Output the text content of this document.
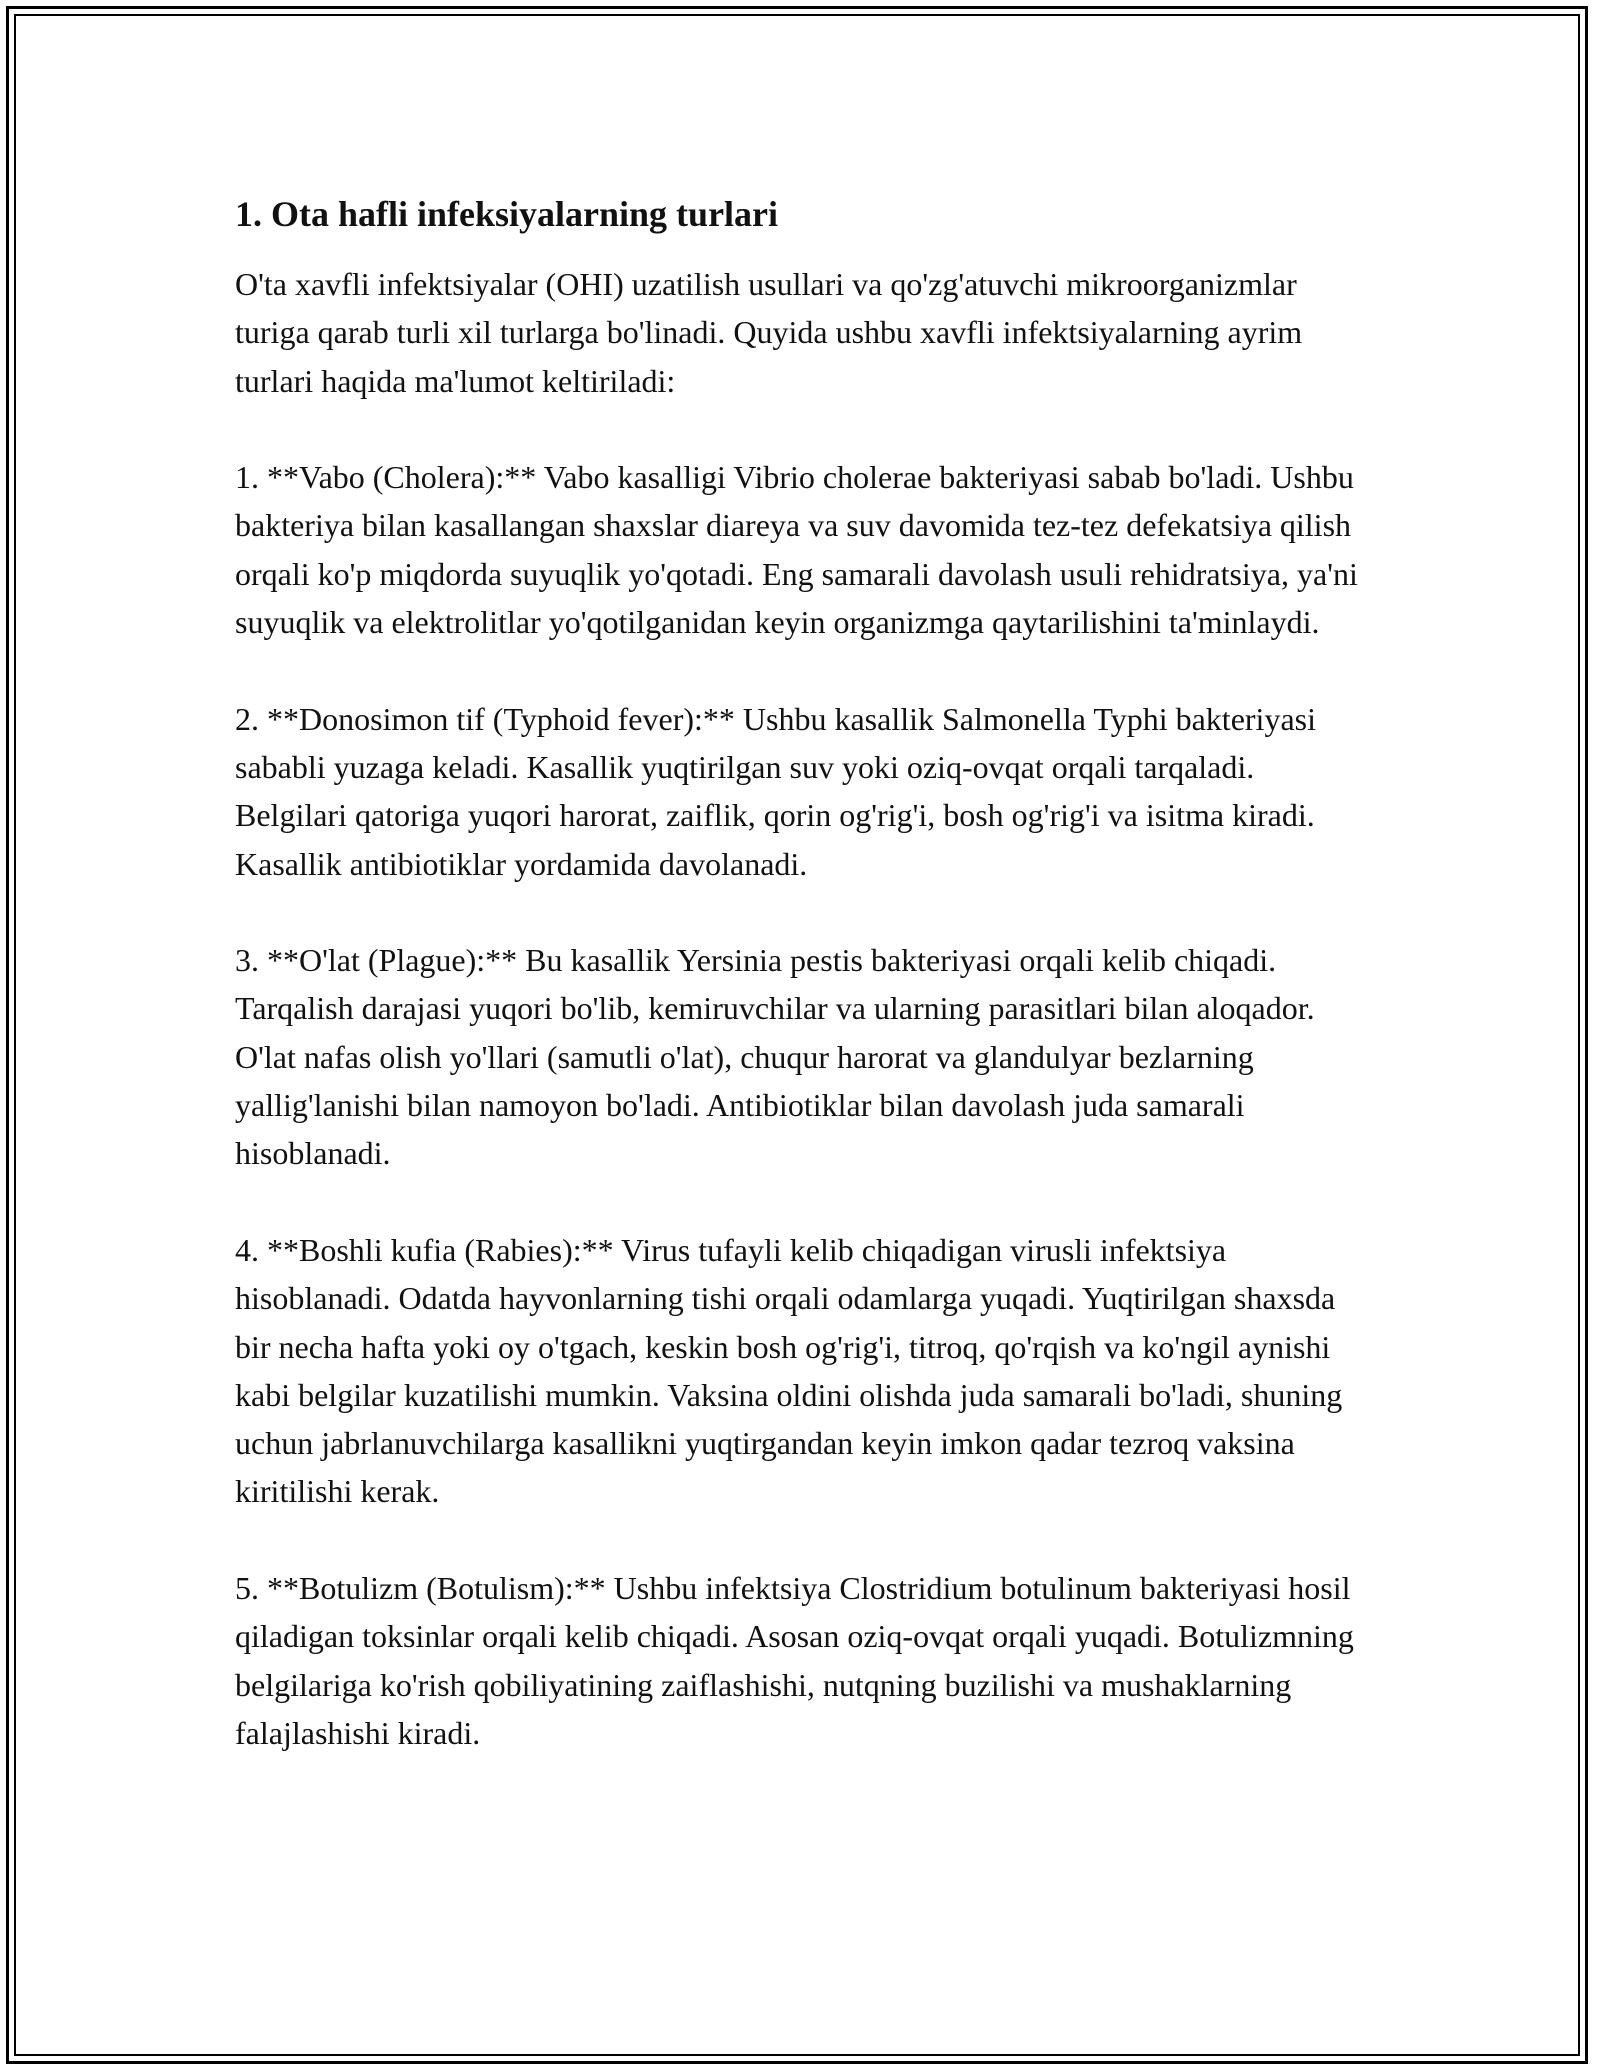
1. Ota hafli infeksiyalarning turlari

O'ta xavfli infektsiyalar (OHI) uzatilish usullari va qo'zg'atuvchi mikroorganizmlar turiga qarab turli xil turlarga bo'linadi. Quyida ushbu xavfli infektsiyalarning ayrim turlari haqida ma'lumot keltiriladi:

1. **Vabo (Cholera):** Vabo kasalligi Vibrio cholerae bakteriyasi sabab bo'ladi. Ushbu bakteriya bilan kasallangan shaxslar diareya va suv davomida tez-tez defekatsiya qilish orqali ko'p miqdorda suyuqlik yo'qotadi. Eng samarali davolash usuli rehidratsiya, ya'ni suyuqlik va elektrolitlar yo'qotilganidan keyin organizmga qaytarilishini ta'minlaydi.

2. **Donosimon tif (Typhoid fever):** Ushbu kasallik Salmonella Typhi bakteriyasi sababli yuzaga keladi. Kasallik yuqtirilgan suv yoki oziq-ovqat orqali tarqaladi. Belgilari qatoriga yuqori harorat, zaiflik, qorin og'rig'i, bosh og'rig'i va isitma kiradi. Kasallik antibiotiklar yordamida davolanadi.

3. **O'lat (Plague):** Bu kasallik Yersinia pestis bakteriyasi orqali kelib chiqadi. Tarqalish darajasi yuqori bo'lib, kemiruvchilar va ularning parasitlari bilan aloqador. O'lat nafas olish yo'llari (samutli o'lat), chuqur harorat va glandulyar bezlarning yallig'lanishi bilan namoyon bo'ladi. Antibiotiklar bilan davolash juda samarali hisoblanadi.

4. **Boshli kufia (Rabies):** Virus tufayli kelib chiqadigan virusli infektsiya hisoblanadi. Odatda hayvonlarning tishi orqali odamlarga yuqadi. Yuqtirilgan shaxsda bir necha hafta yoki oy o'tgach, keskin bosh og'rig'i, titroq, qo'rqish va ko'ngil aynishi kabi belgilar kuzatilishi mumkin. Vaksina oldini olishda juda samarali bo'ladi, shuning uchun jabrlanuvchilarga kasallikni yuqtirgandan keyin imkon qadar tezroq vaksina kiritilishi kerak.

5. **Botulizm (Botulism):** Ushbu infektsiya Clostridium botulinum bakteriyasi hosil qiladigan toksinlar orqali kelib chiqadi. Asosan oziq-ovqat orqali yuqadi. Botulizmning belgilariga ko'rish qobiliyatining zaiflashishi, nutqning buzilishi va mushaklarning falajlashishi kiradi.
